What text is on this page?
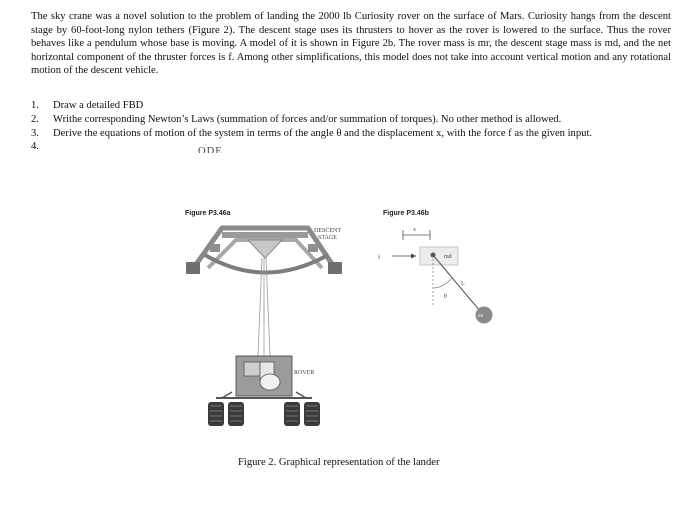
The sky crane was a novel solution to the problem of landing the 2000 lb Curiosity rover on the surface of Mars. Curiosity hangs from the descent stage by 60-foot-long nylon tethers (Figure 2). The descent stage uses its thrusters to hover as the rover is lowered to the surface. Thus the rover behaves like a pendulum whose base is moving. A model of it is shown in Figure 2b. The rover mass is mr, the descent stage mass is md, and the net horizontal component of the thruster forces is f. Among other simplifications, this model does not take into account vertical motion and any rotational motion of the descent vehicle.
1.	Draw a detailed FBD
2.	Writhe corresponding Newton’s Laws (summation of forces and/or summation of torques). No other method is allowed.
3.	Derive the equations of motion of the system in terms of the angle θ and the displacement x, with the force f as the given input.
4.	ODE
Figure P3.46a	Figure P3.46b
DESCENT STAGE
ROVER
x
md
f
θ
L
mr
Figure 2. Graphical representation of the lander
